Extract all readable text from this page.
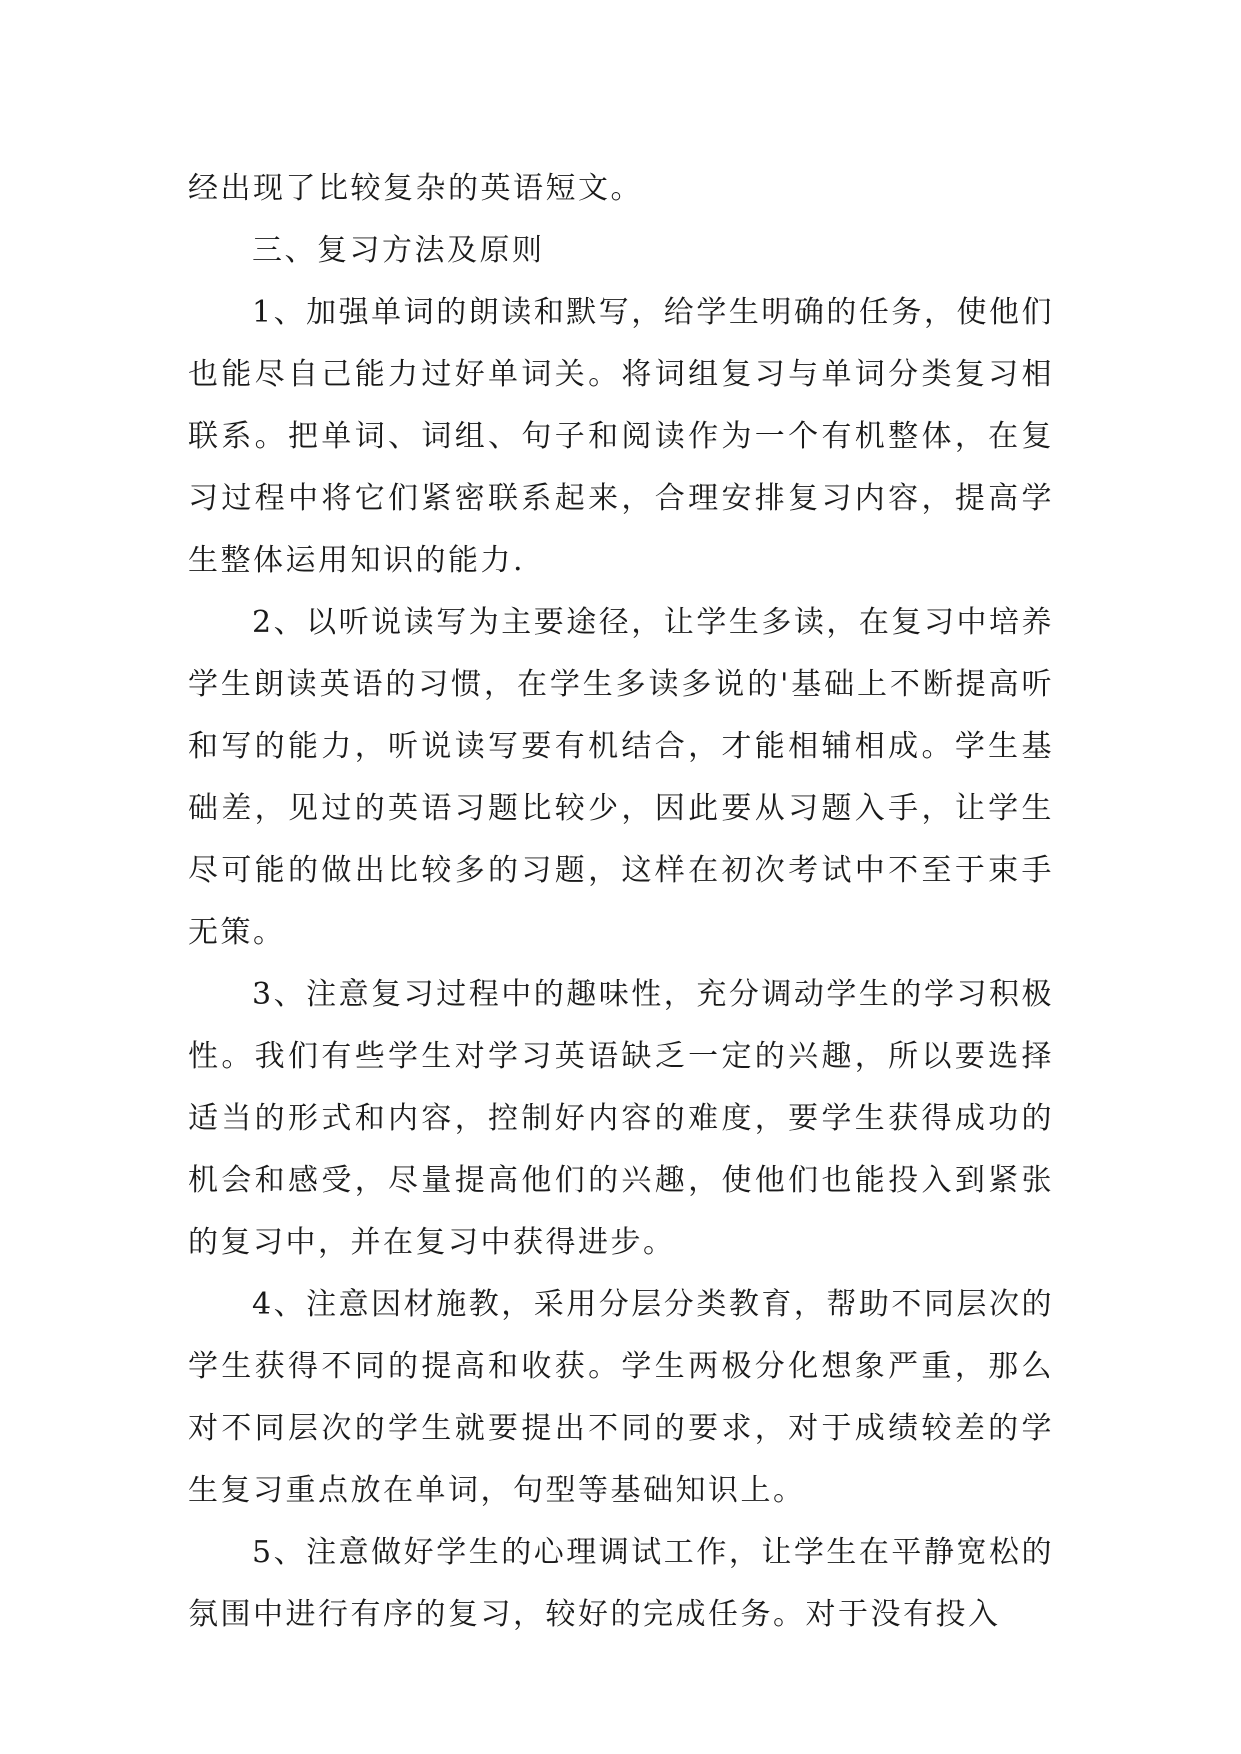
经出现了比较复杂的英语短文。

三、复习方法及原则

1、加强单词的朗读和默写，给学生明确的任务，使他们也能尽自己能力过好单词关。将词组复习与单词分类复习相联系。把单词、词组、句子和阅读作为一个有机整体，在复习过程中将它们紧密联系起来，合理安排复习内容，提高学生整体运用知识的能力.

2、以听说读写为主要途径，让学生多读，在复习中培养学生朗读英语的习惯，在学生多读多说的'基础上不断提高听和写的能力，听说读写要有机结合，才能相辅相成。学生基础差，见过的英语习题比较少，因此要从习题入手，让学生尽可能的做出比较多的习题，这样在初次考试中不至于束手无策。

3、注意复习过程中的趣味性，充分调动学生的学习积极性。我们有些学生对学习英语缺乏一定的兴趣，所以要选择适当的形式和内容，控制好内容的难度，要学生获得成功的机会和感受，尽量提高他们的兴趣，使他们也能投入到紧张的复习中，并在复习中获得进步。

4、注意因材施教，采用分层分类教育，帮助不同层次的学生获得不同的提高和收获。学生两极分化想象严重，那么对不同层次的学生就要提出不同的要求，对于成绩较差的学生复习重点放在单词，句型等基础知识上。

5、注意做好学生的心理调试工作，让学生在平静宽松的氛围中进行有序的复习，较好的完成任务。对于没有投入
